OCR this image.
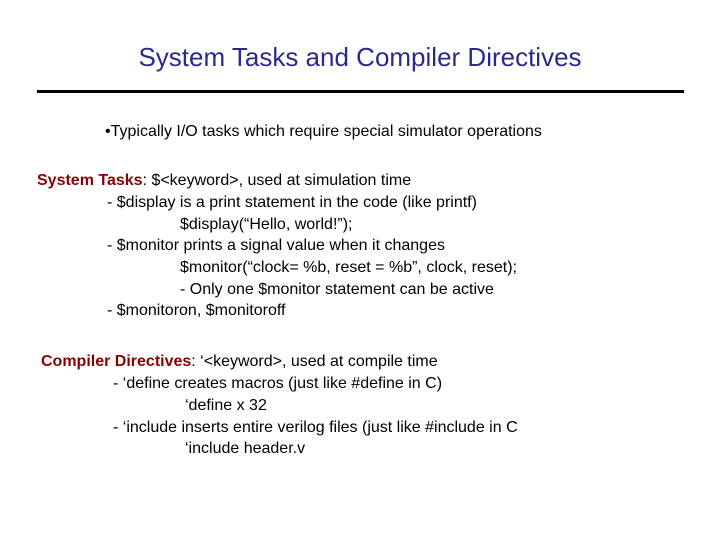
System Tasks and Compiler Directives
•Typically I/O tasks which require special simulator operations
System Tasks: $<keyword>, used at simulation time
- $display is a print statement in the code (like printf)
$display(“Hello, world!”);
- $monitor prints a signal value when it changes
$monitor(“clock= %b, reset = %b”, clock, reset);
- Only one $monitor statement can be active
- $monitoron, $monitoroff
Compiler Directives: ‘<keyword>, used at compile time
- ‘define creates macros (just like #define in C)
‘define x 32
- ‘include inserts entire verilog files (just like #include in C
‘include header.v
